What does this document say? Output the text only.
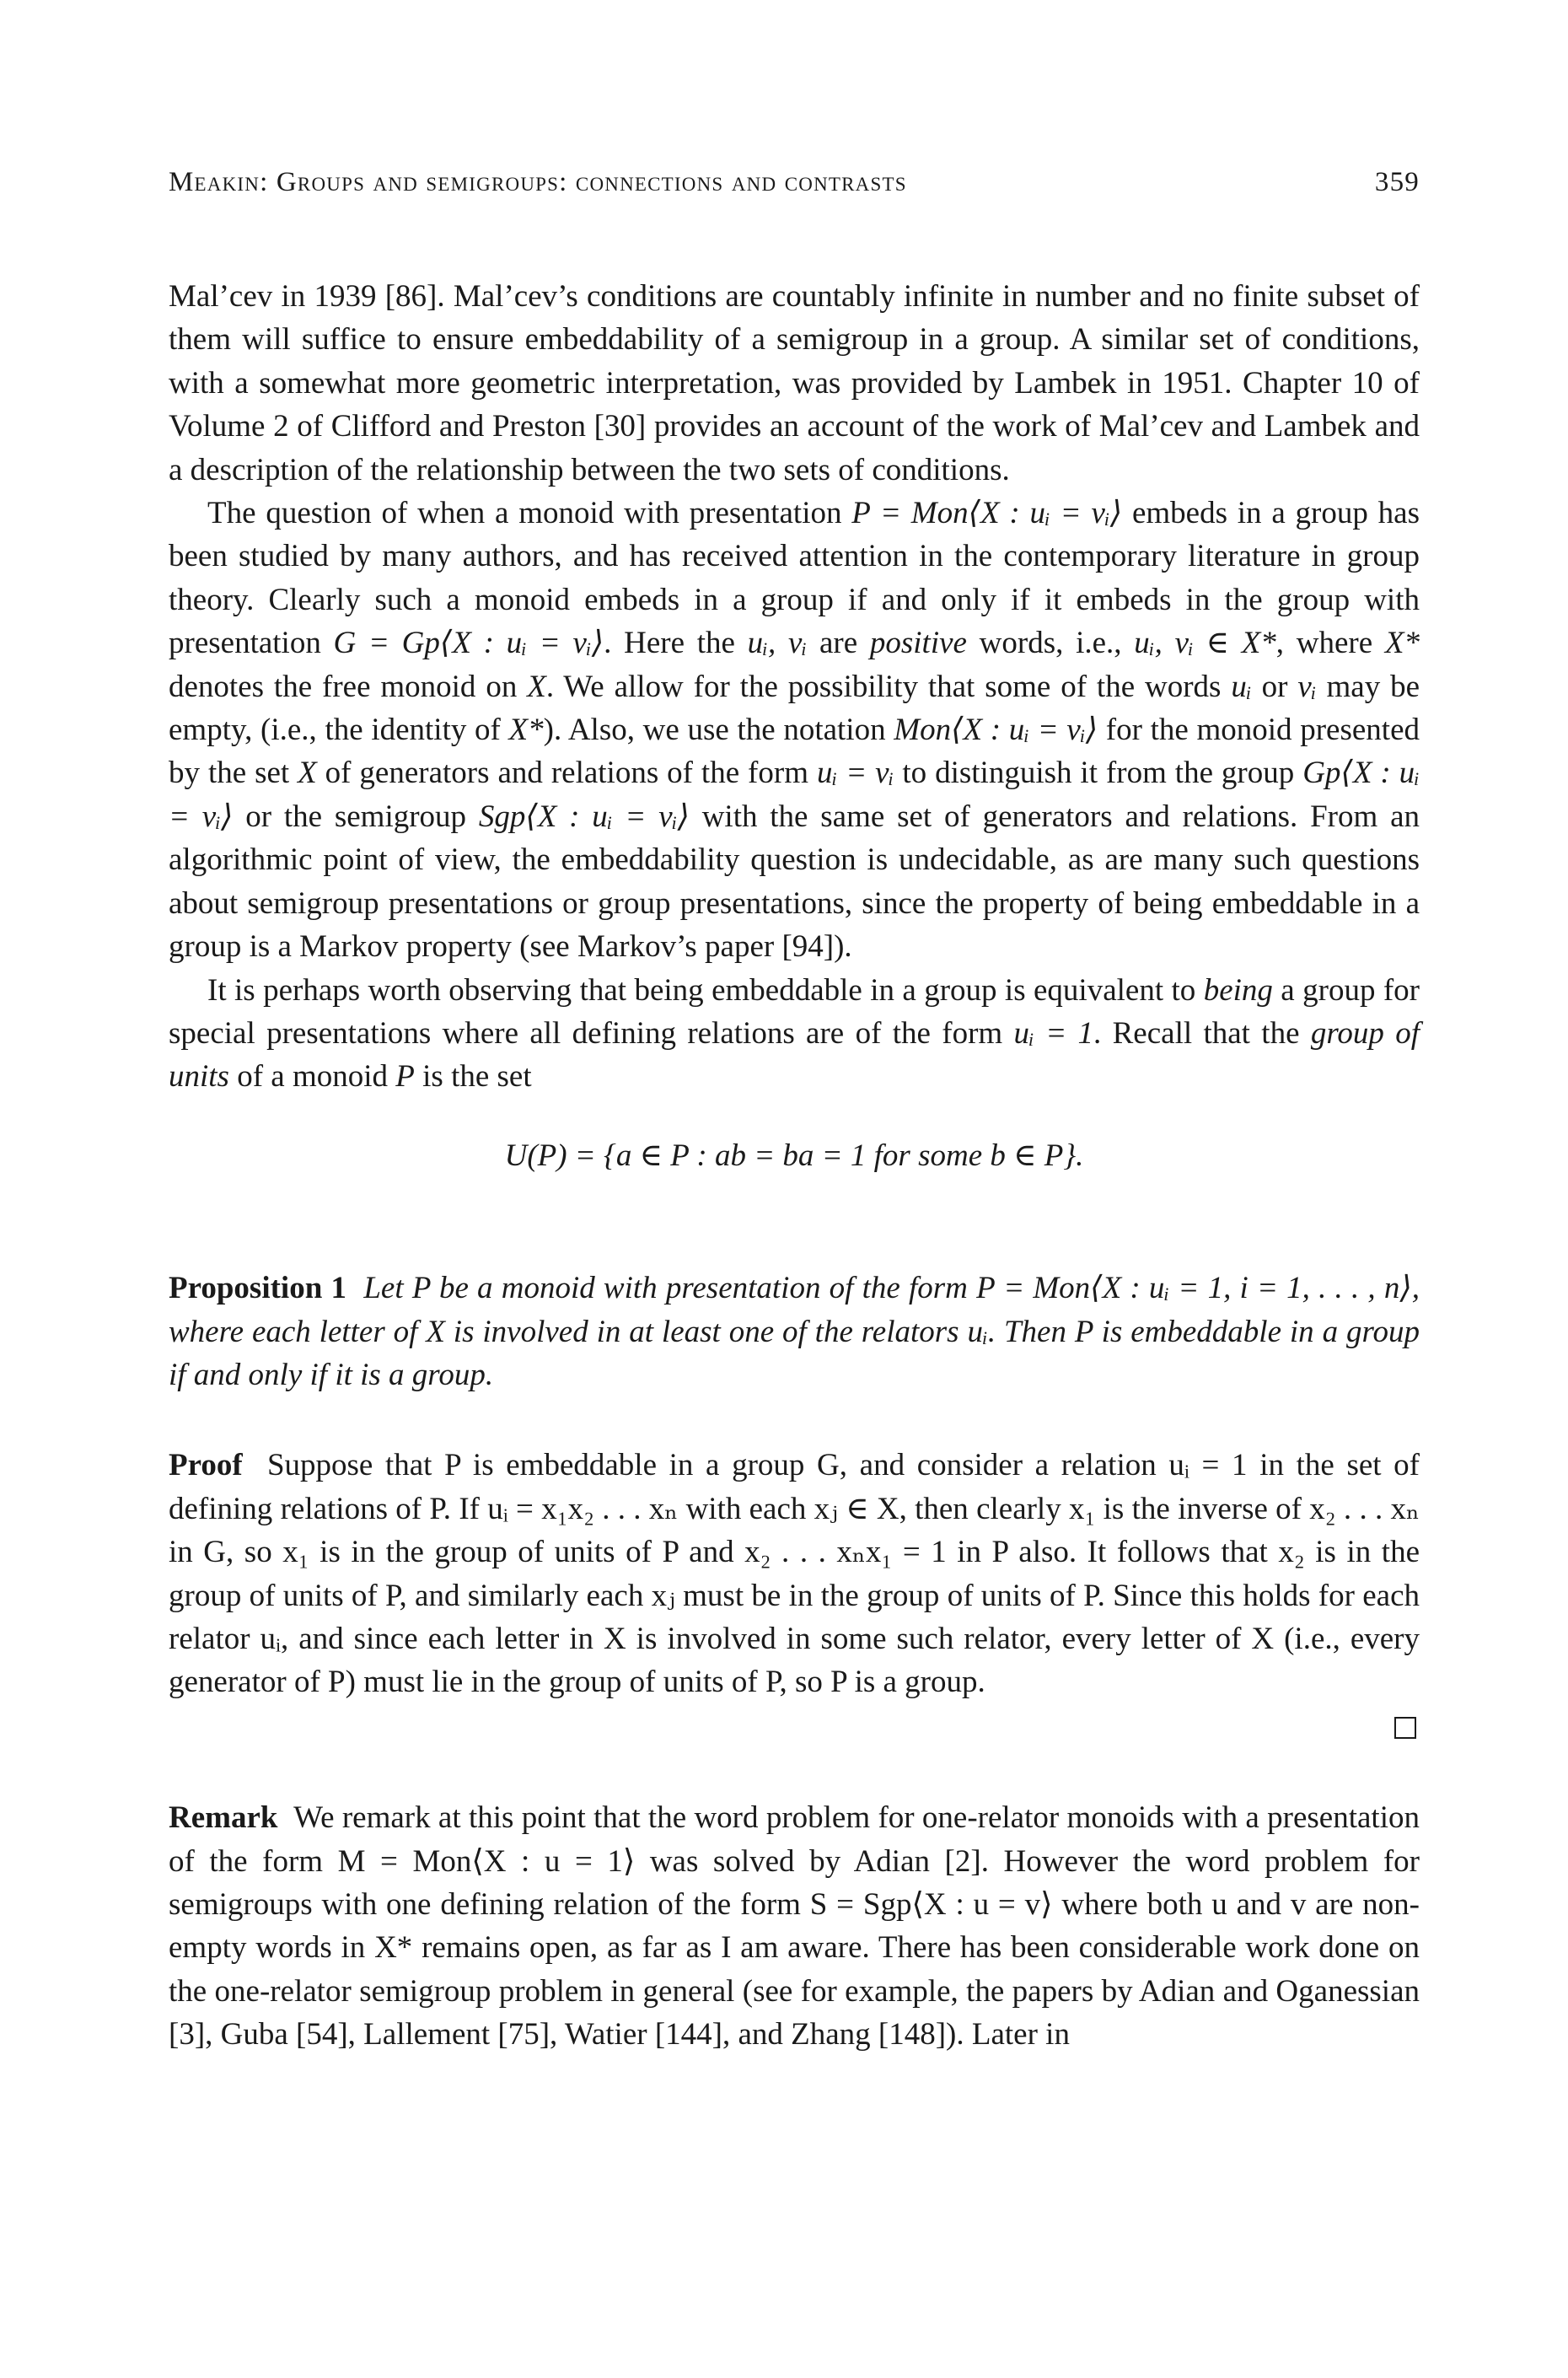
Meakin: Groups and semigroups: connections and contrasts	359

Mal’cev in 1939 [86]. Mal’cev’s conditions are countably infinite in number and no finite subset of them will suffice to ensure embeddability of a semigroup in a group. A similar set of conditions, with a somewhat more geometric interpretation, was provided by Lambek in 1951. Chapter 10 of Volume 2 of Clifford and Preston [30] provides an account of the work of Mal’cev and Lambek and a description of the relationship between the two sets of conditions.

The question of when a monoid with presentation P = Mon⟨X : uᵢ = vᵢ⟩ embeds in a group has been studied by many authors, and has received attention in the contemporary literature in group theory. Clearly such a monoid embeds in a group if and only if it embeds in the group with presentation G = Gp⟨X : uᵢ = vᵢ⟩. Here the uᵢ, vᵢ are positive words, i.e., uᵢ, vᵢ ∈ X*, where X* denotes the free monoid on X. We allow for the possibility that some of the words uᵢ or vᵢ may be empty, (i.e., the identity of X*). Also, we use the notation Mon⟨X : uᵢ = vᵢ⟩ for the monoid presented by the set X of generators and relations of the form uᵢ = vᵢ to distinguish it from the group Gp⟨X : uᵢ = vᵢ⟩ or the semigroup Sgp⟨X : uᵢ = vᵢ⟩ with the same set of generators and relations. From an algorithmic point of view, the embeddability question is undecidable, as are many such questions about semigroup presentations or group presentations, since the property of being embeddable in a group is a Markov property (see Markov’s paper [94]).

It is perhaps worth observing that being embeddable in a group is equivalent to being a group for special presentations where all defining relations are of the form uᵢ = 1. Recall that the group of units of a monoid P is the set

U(P) = {a ∈ P : ab = ba = 1 for some b ∈ P}.

Proposition 1 Let P be a monoid with presentation of the form P = Mon⟨X : uᵢ = 1, i = 1, . . . , n⟩, where each letter of X is involved in at least one of the relators uᵢ. Then P is embeddable in a group if and only if it is a group.

Proof Suppose that P is embeddable in a group G, and consider a relation uᵢ = 1 in the set of defining relations of P. If uᵢ = x₁x₂ . . . xₙ with each xⱼ ∈ X, then clearly x₁ is the inverse of x₂ . . . xₙ in G, so x₁ is in the group of units of P and x₂ . . . xₙx₁ = 1 in P also. It follows that x₂ is in the group of units of P, and similarly each xⱼ must be in the group of units of P. Since this holds for each relator uᵢ, and since each letter in X is involved in some such relator, every letter of X (i.e., every generator of P) must lie in the group of units of P, so P is a group.

Remark We remark at this point that the word problem for one-relator monoids with a presentation of the form M = Mon⟨X : u = 1⟩ was solved by Adian [2]. However the word problem for semigroups with one defining relation of the form S = Sgp⟨X : u = v⟩ where both u and v are non-empty words in X* remains open, as far as I am aware. There has been considerable work done on the one-relator semigroup problem in general (see for example, the papers by Adian and Oganessian [3], Guba [54], Lallement [75], Watier [144], and Zhang [148]). Later in
